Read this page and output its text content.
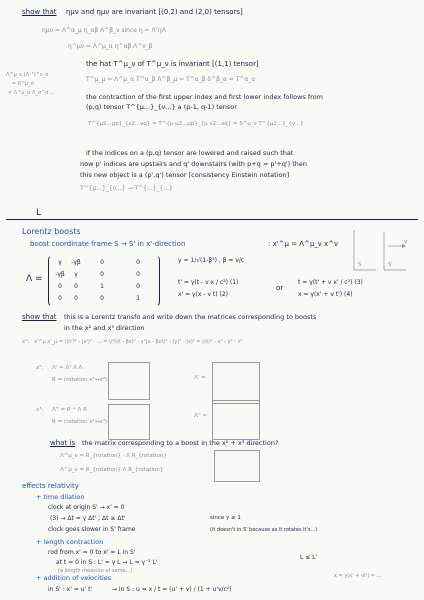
show that ηµν and ηµν are invariant [(0,2) and (2,0) tensors]
ηµν = Λ^α_µ η_αβ Λ^β_ν since η = ΛᵀηΛ
η^µν = Λ^µ_α η^αβ Λ^ν_β
the hat T^µ_ν of T^µ_ν is invariant [(1,1) tensor]
Λ^µ_ν (Λ⁻¹)^ν_σ
= δ^µ_σ
= Λ^µ_α Λ_σ^α ...
T^µ_µ = Λ^µ_α T^α_β Λ^β_µ = T^α_β δ^β_α = T^α_α
the contraction of the first upper index and first lower index follows from
(p,q) tensor T^{µ...}_{ν...} a (p-1, q-1) tensor
T^{µ2...µp}_{ν2...νq} = T^{µ µ2...µp}_{µ ν2...νq} = δ^µ_ν T^{µ2...}_{ν...}
if the indices on a (p,q) tensor are lowered and raised such that
now p' indices are upstairs and q' downstairs (with p+q = p'+q') then
this new object is a (p',q') tensor [consistency Einstein notation]
T^{µ...}_{ν...} → T^{...}_{...}
L
Lorentz boosts
boost coordinate frame S → S' in x'-direction	: x'^µ = Λ^µ_ν x^ν
S	S'
v
Λ =
γ	-γβ	0	0
-γβ	γ	0	0
0	0	1	0
0	0	0	1
γ = 1/√(1-β²) , β = v/c
t' = γ(t - v x / c²) (1)
x' = γ(x - v t) (2)
or
t = γ(t' + v x' / c²) (3)
x = γ(x' + v t') (4)
show that this is a Lorentz transfo and write down the matrices corresponding to boosts
in the x² and x³ direction
x¹: x'^µ x'_µ = (ct')² - (x')² - ... = γ²(ct - βx)² - γ²(x - βct)² - (y)² - (z)² = (ct)² - x² - y² - z²
x²: Λ' = Λᵀ Λ Λ
R = (rotation x¹↔x²)	Λ' =
x³: Λ'' = R⁻¹ Λ R
R = (rotation x¹↔x³)
Λ'' =
what is the matrix corresponding to a boost in the x² + x³ direction?
Λ^µ_ν = R_{rotation} · Λ R_{rotation}
Λ^µ_ν = R_{rotation} Λ R_{rotation}
effects relativity
+ time dilation
clock at origin S' → x' = 0
(3) → Δt = γ Δt' ; Δt ≥ Δt'	since γ ≥ 1
clock goes slower in S' frame	(it doesn't in S' because as it rotates it's...)
+ length contraction
rod from x' = 0 to x' = L in S'
at t = 0 in S : L' = γ L → L = γ⁻¹ L'
L ≤ L'
(a length measure of same...)
+ addition of velocities
in S' : x' = u' t'	→ in S : u = x / t = (u' + v) / (1 + u'v/c²)
x = γ(x' + vt') = ...
